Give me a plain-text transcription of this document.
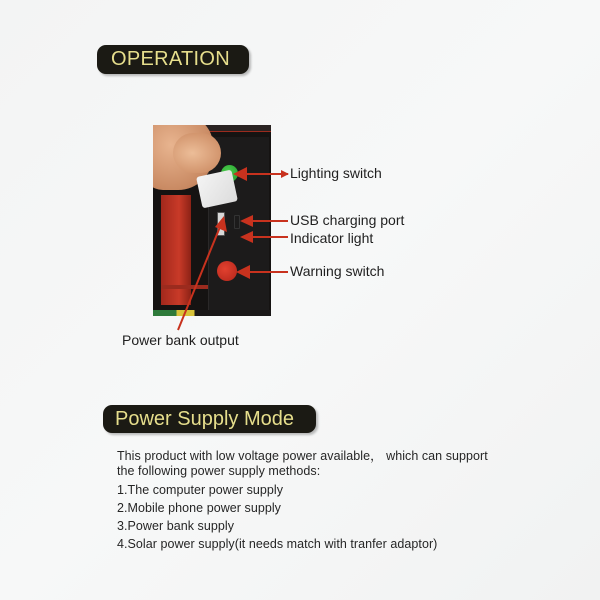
OPERATION
Lighting switch
USB charging port
Indicator light
Warning switch
Power bank output
Power Supply Mode
This product with low voltage power available， which can support
the following power supply methods:
1.The computer power supply
2.Mobile phone power supply
3.Power bank supply
4.Solar power supply(it needs match with tranfer adaptor)
